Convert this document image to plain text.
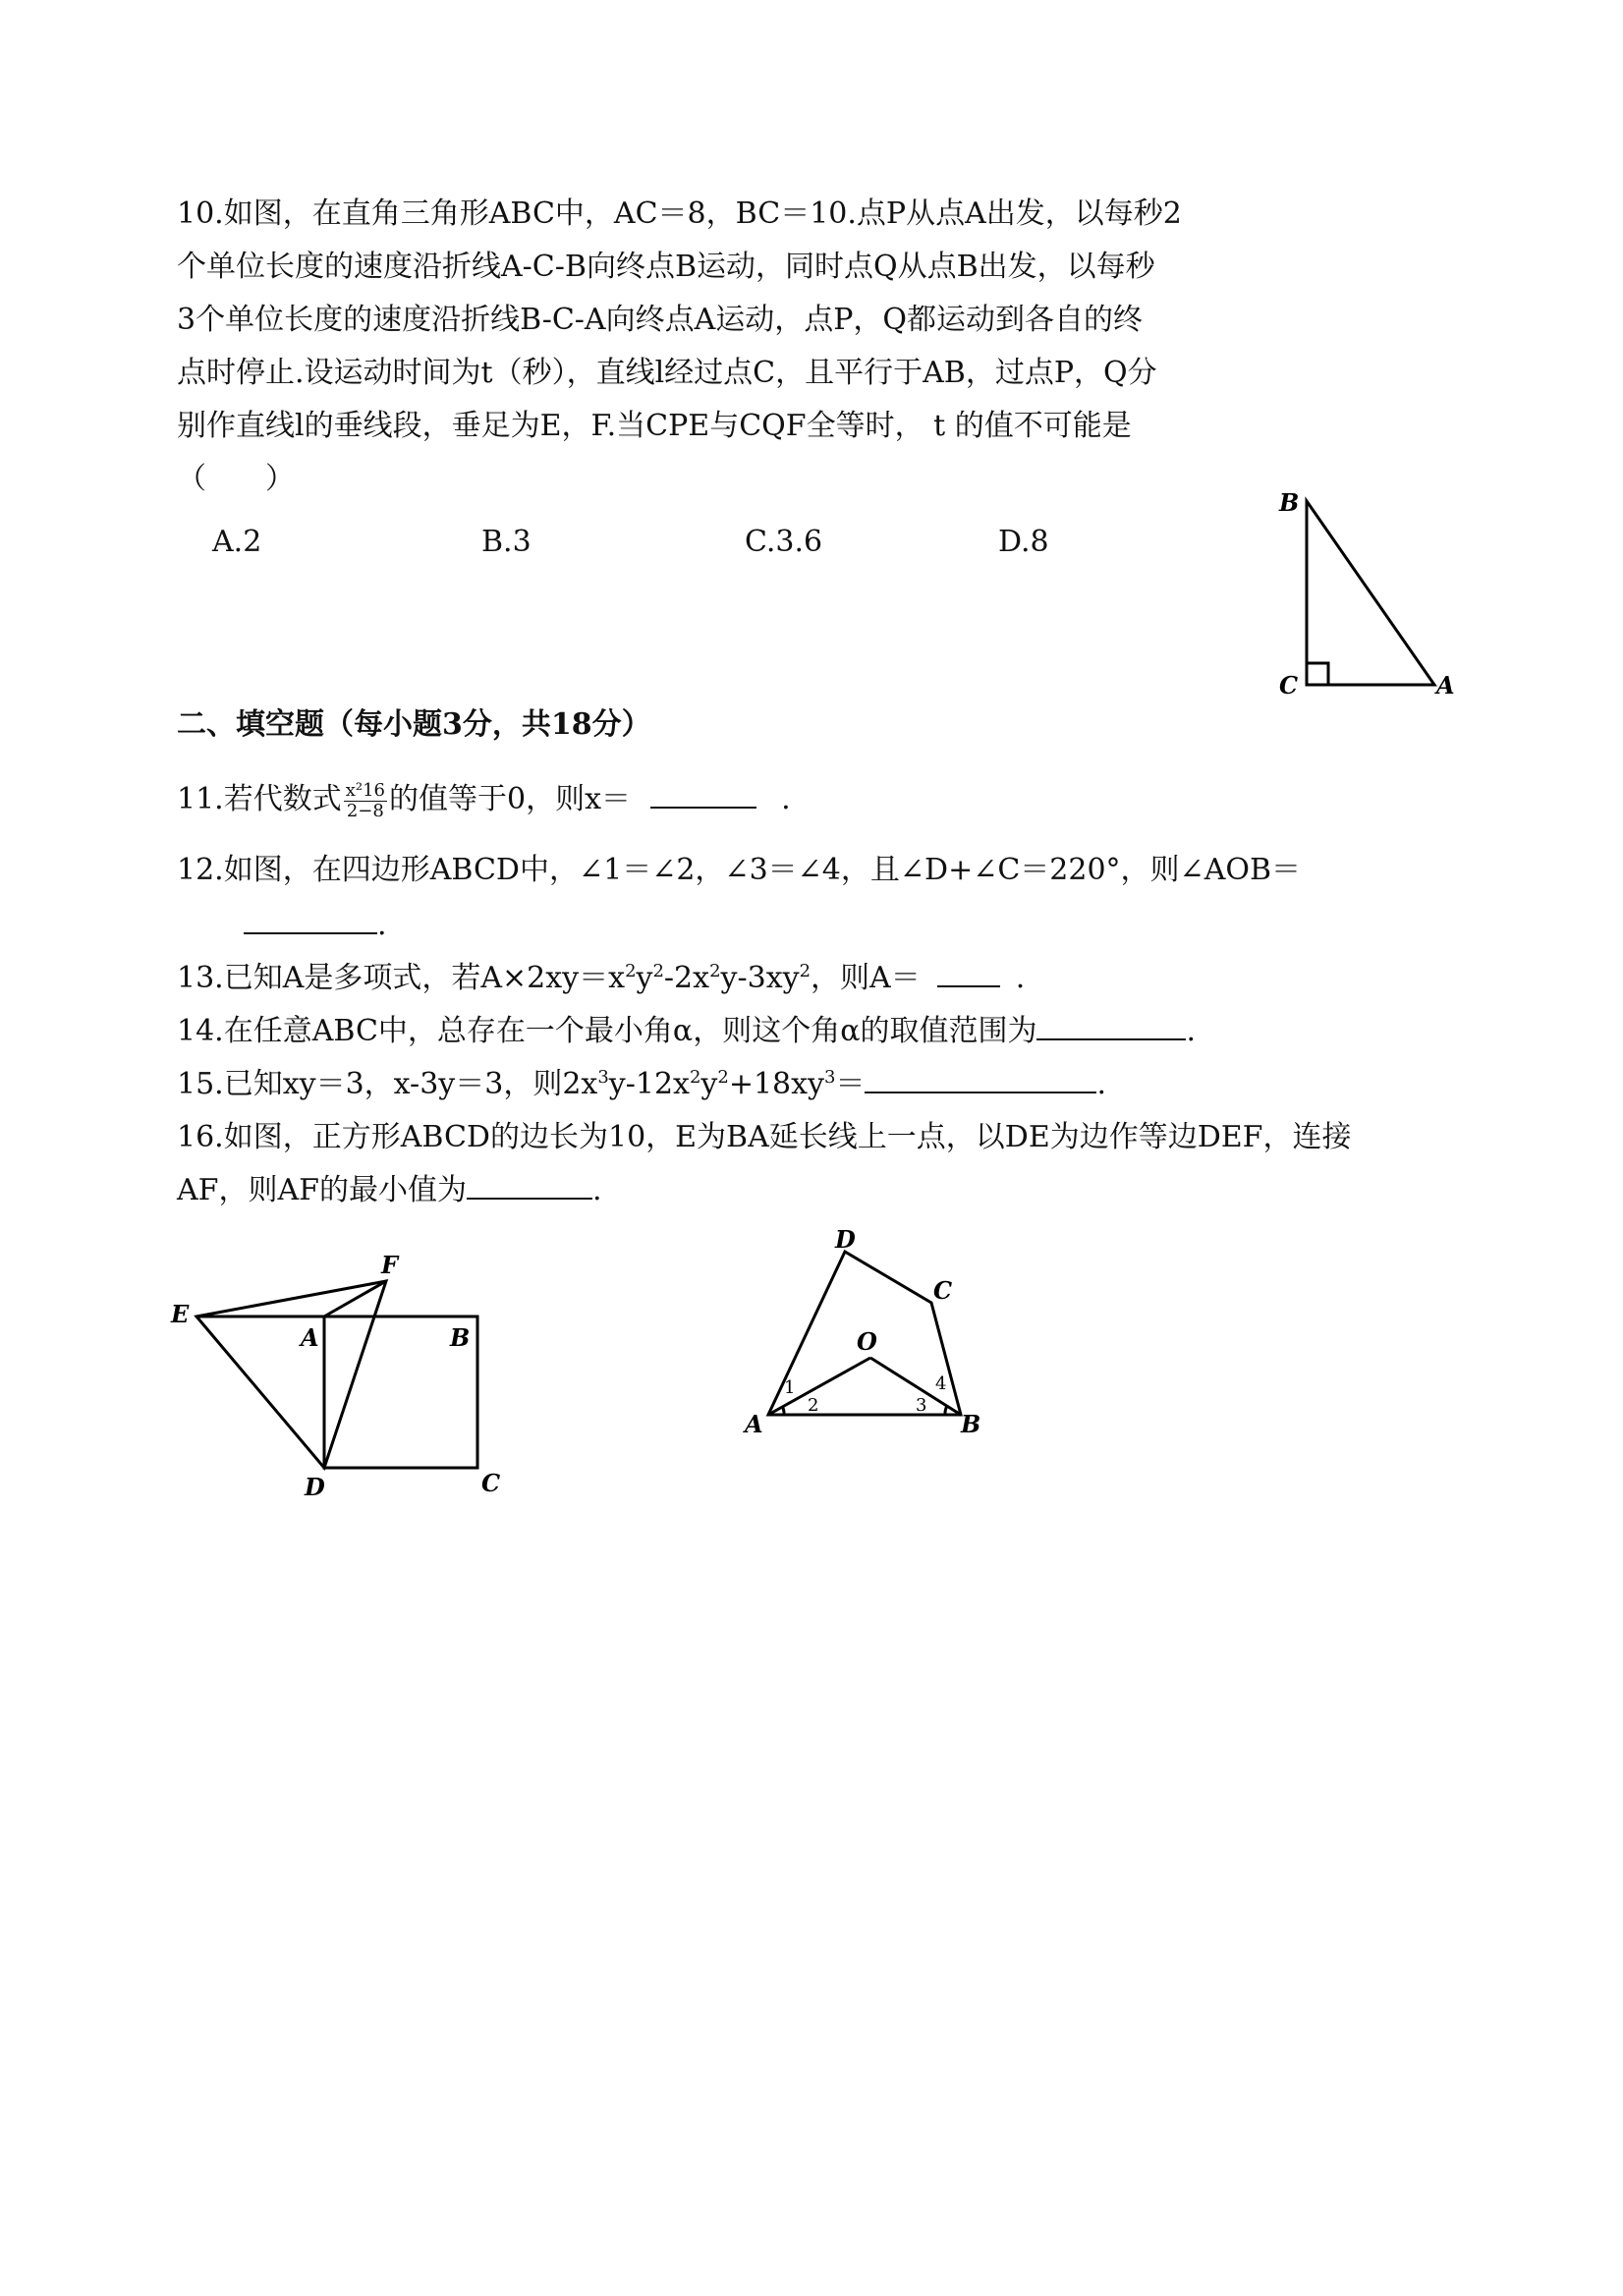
10.如图，在直角三角形ABC中，AC＝8，BC＝10.点P从点A出发，以每秒2
个单位长度的速度沿折线A-C-B向终点B运动，同时点Q从点B出发，以每秒
3个单位长度的速度沿折线B-C-A向终点A运动，点P，Q都运动到各自的终
点时停止.设运动时间为t（秒），直线l经过点C，且平行于AB，过点P，Q分
别作直线l的垂线段，垂足为E，F.当CPE与CQF全等时， t 的值不可能是
（　　）
A.2	B.3	C.3.6	D.8
B
C	A
二、填空题（每小题3分，共18分）
11.若代数式 $\frac{\text{x²16}}{2-8}$ 的值等于0，则x＝	.
12.如图，在四边形ABCD中，∠1＝∠2，∠3＝∠4，且∠D+∠C＝220°，则∠AOB＝
.
13.已知A是多项式，若$A\times 2xy=x^2y^2-2x^2y-3xy^2$，则A＝	.
14.在任意ABC中，总存在一个最小角α，则这个角α的取值范围为	.
15.已知xy＝3，x-3y＝3，则$2x^3y-12x^2y^2+18xy^3=$	.
16.如图，正方形ABCD的边长为10，E为BA延长线上一点，以DE为边作等边DEF，连接
AF，则AF的最小值为	.
E
F
A	B
C
D
A	B
D
C
O
1
2	3
4
